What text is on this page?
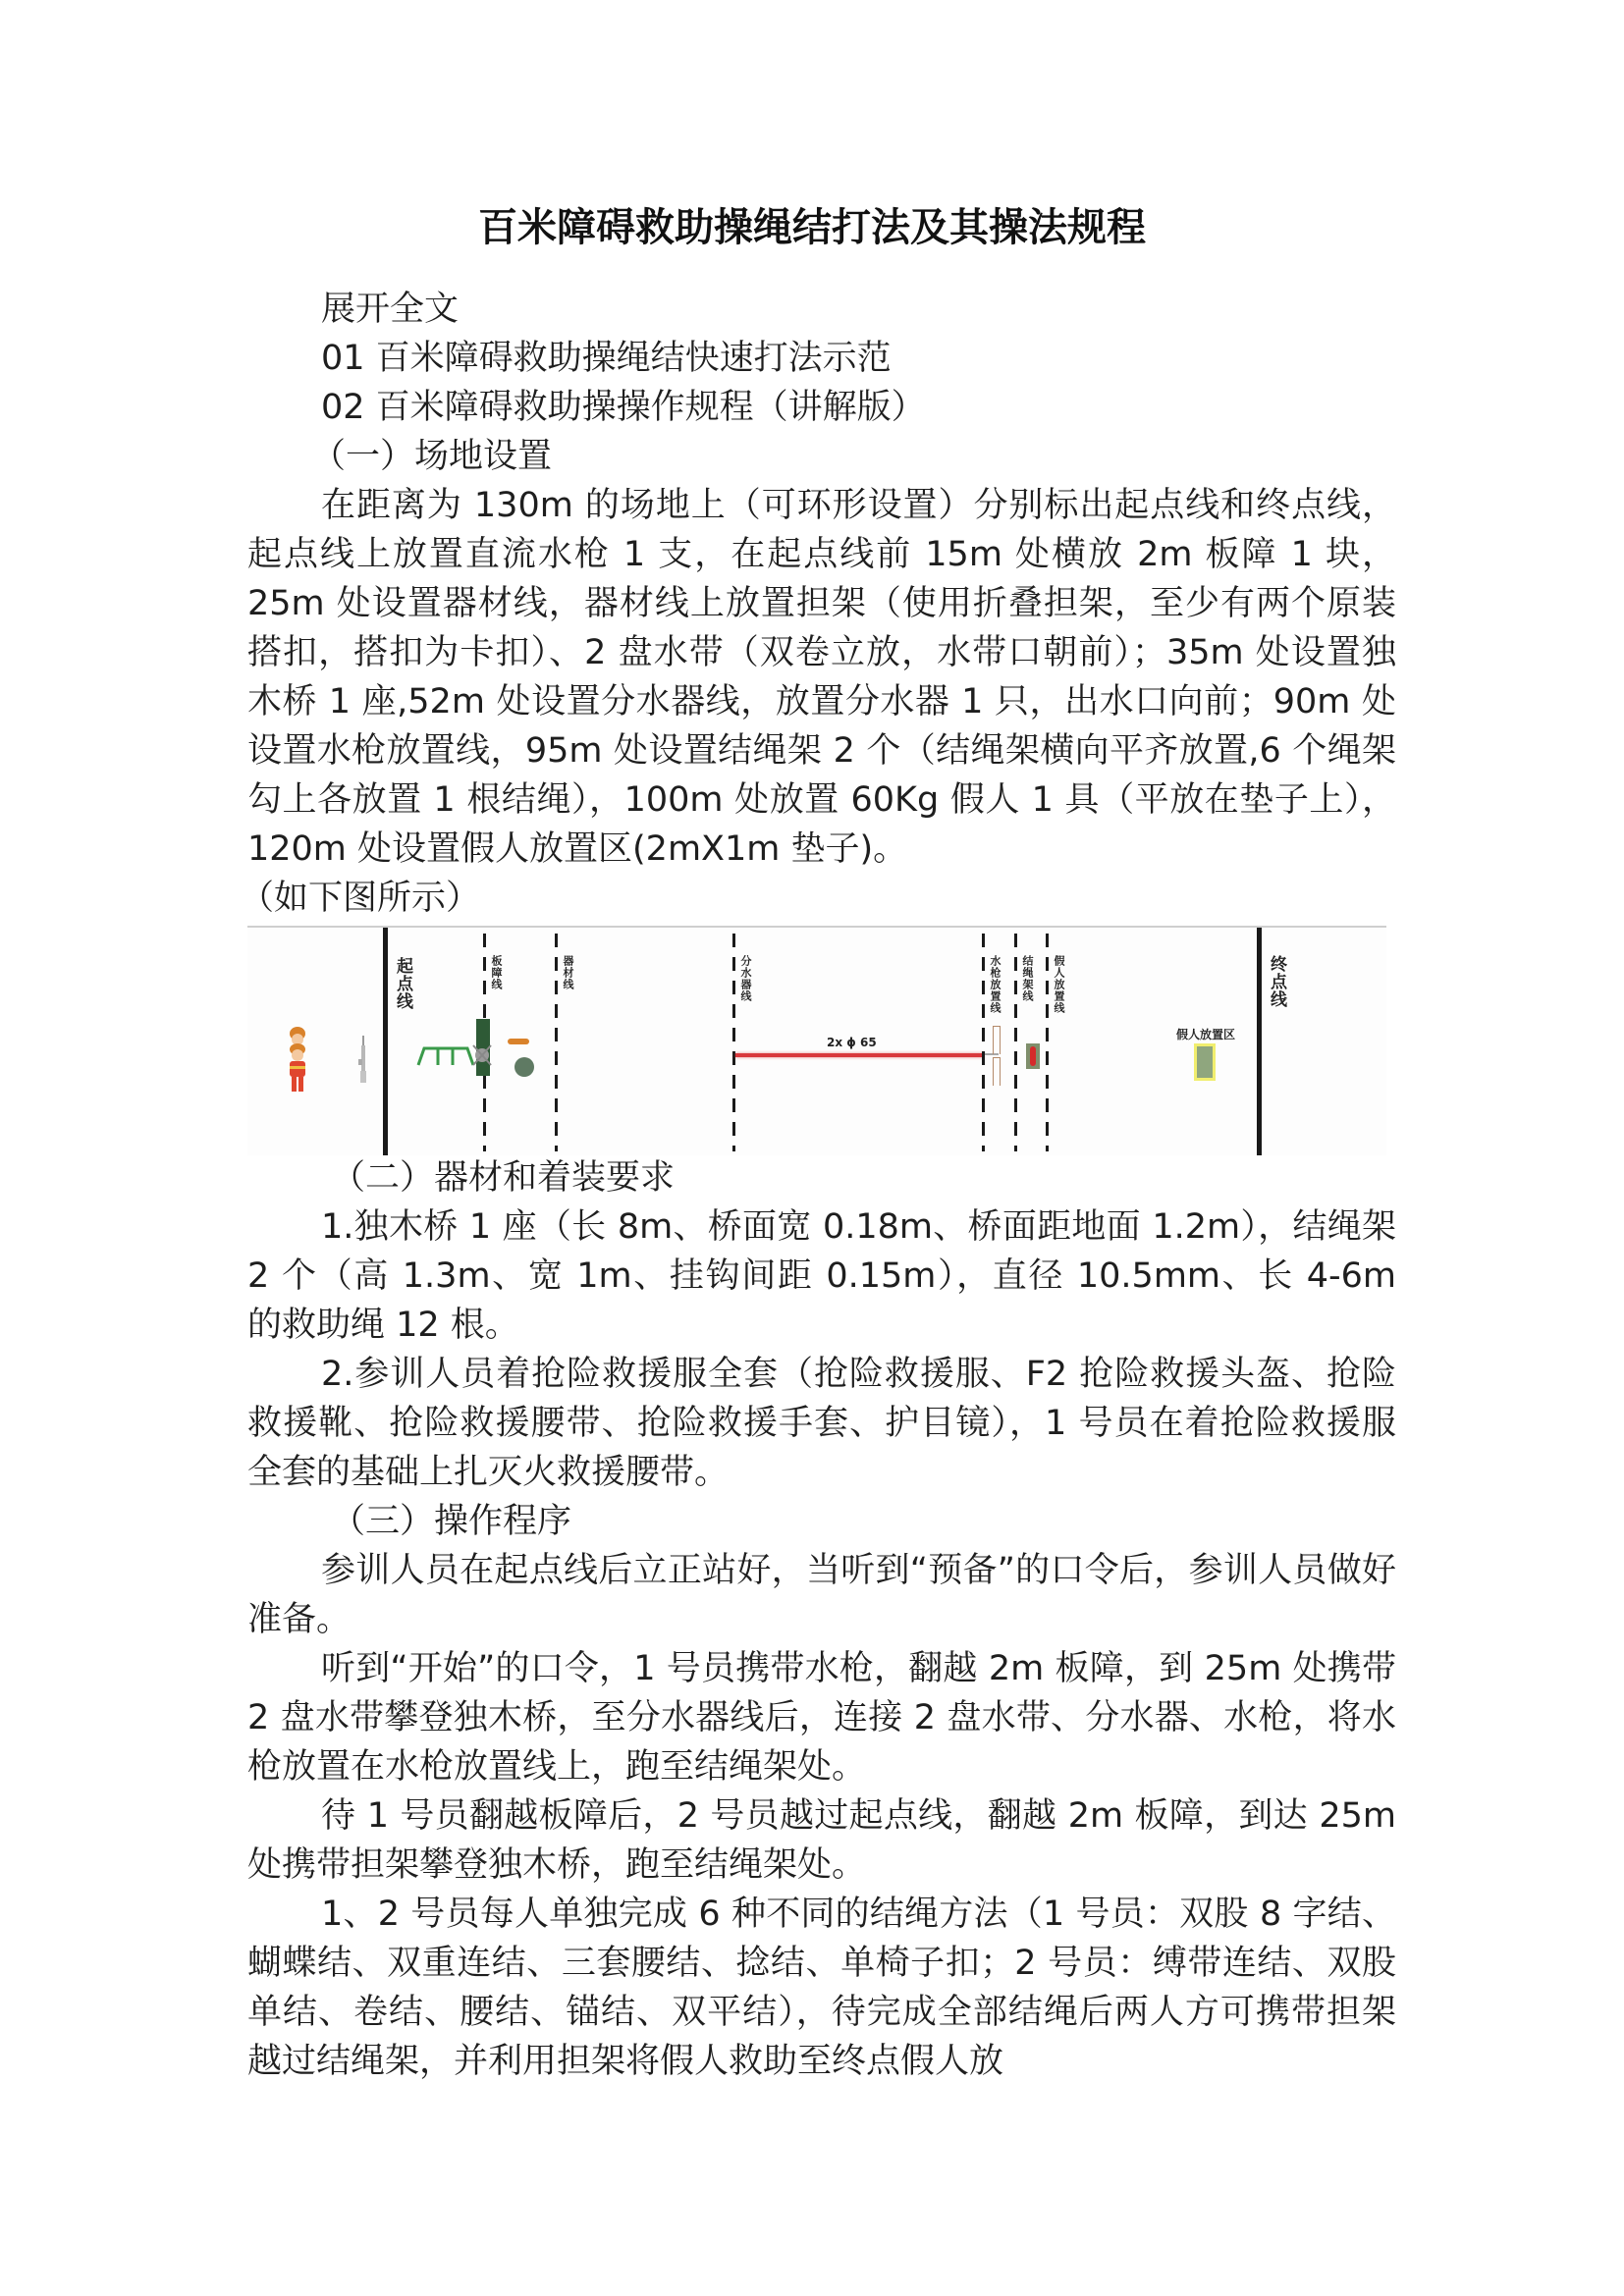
百米障碍救助操绳结打法及其操法规程

展开全文

01 百米障碍救助操绳结快速打法示范

02 百米障碍救助操操作规程（讲解版）

（一）场地设置

在距离为 130m 的场地上（可环形设置）分别标出起点线和终点线，起点线上放置直流水枪 1 支，在起点线前 15m 处横放 2m 板障 1 块，25m 处设置器材线，器材线上放置担架（使用折叠担架，至少有两个原装搭扣，搭扣为卡扣）、2 盘水带（双卷立放，水带口朝前）；35m 处设置独木桥 1 座,52m 处设置分水器线，放置分水器 1 只，出水口向前；90m 处设置水枪放置线，95m 处设置结绳架 2 个（结绳架横向平齐放置,6 个绳架勾上各放置 1 根结绳），100m 处放置 60Kg 假人 1 具（平放在垫子上），120m 处设置假人放置区(2mX1m 垫子)。

（如下图所示）

起点线	板障线	器材线	分水器线
2x ϕ 65
水枪放置线 结绳架线 假人放置线
假人放置区
终点线

（二）器材和着装要求

1.独木桥 1 座（长 8m、桥面宽 0.18m、桥面距地面 1.2m），结绳架 2 个（高 1.3m、宽 1m、挂钩间距 0.15m），直径 10.5mm、长 4-6m 的救助绳 12 根。

2.参训人员着抢险救援服全套（抢险救援服、F2 抢险救援头盔、抢险救援靴、抢险救援腰带、抢险救援手套、护目镜），1 号员在着抢险救援服全套的基础上扎灭火救援腰带。

（三）操作程序

参训人员在起点线后立正站好，当听到“预备”的口令后，参训人员做好准备。

听到“开始”的口令，1 号员携带水枪，翻越 2m 板障，到 25m 处携带 2 盘水带攀登独木桥，至分水器线后，连接 2 盘水带、分水器、水枪，将水枪放置在水枪放置线上，跑至结绳架处。

待 1 号员翻越板障后，2 号员越过起点线，翻越 2m 板障，到达 25m 处携带担架攀登独木桥，跑至结绳架处。

1、2 号员每人单独完成 6 种不同的结绳方法（1 号员：双股 8 字结、蝴蝶结、双重连结、三套腰结、捻结、单椅子扣；2 号员：缚带连结、双股单结、卷结、腰结、锚结、双平结），待完成全部结绳后两人方可携带担架越过结绳架，并利用担架将假人救助至终点假人放
